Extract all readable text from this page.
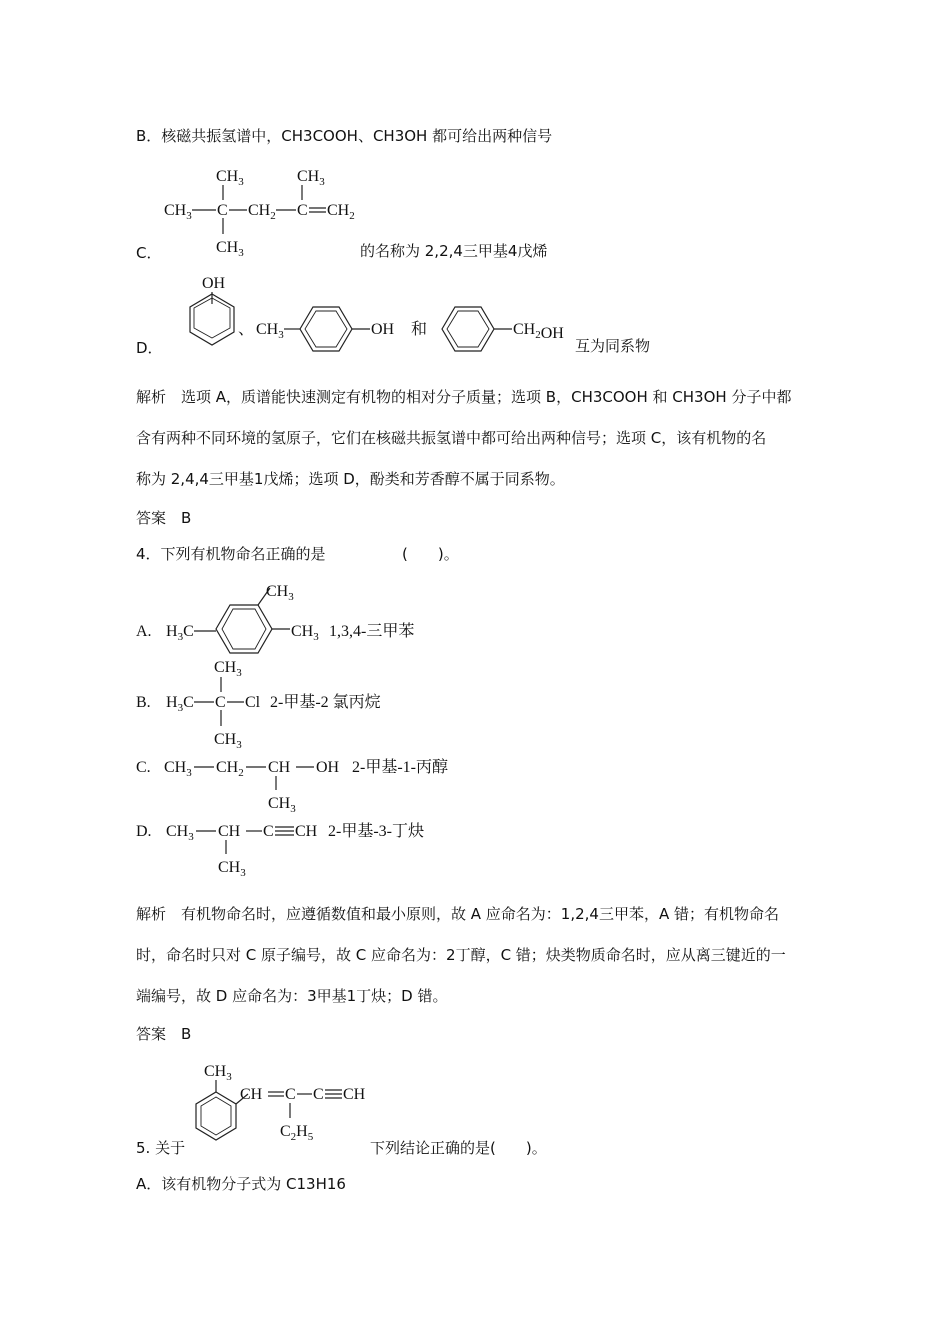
B．核磁共振氢谱中，CH3COOH、CH3OH 都可给出两种信号
$CH_3$
$CH_3$ C $CH_2$ C $CH_2$
$CH_3$
$CH_3$
C．	的名称为 2,2,4三甲基4戊烯
D．
OH
、 $CH_3$	OH 和	$CH_2OH$
互为同系物
解析　选项 A，质谱能快速测定有机物的相对分子质量；选项 B，CH3COOH 和 CH3OH 分子中都
含有两种不同环境的氢原子，它们在核磁共振氢谱中都可给出两种信号；选项 C，该有机物的名
称为 2,4,4三甲基1戊烯；选项 D，酚类和芳香醇不属于同系物。
答案　B
4．下列有机物命名正确的是	(　　)。
A. $H_3C$
$CH_3$
$CH_3$ 1,3,4-三甲苯
$CH_3$
B. $H_3C$ C Cl 2-甲基-2 氯丙烷
$CH_3$
C. $CH_3$ $CH_2$ CH OH 2-甲基-1-丙醇
$CH_3$
D. $CH_3$ CH C CH 2-甲基-3-丁炔
$CH_3$
解析　有机物命名时，应遵循数值和最小原则，故 A 应命名为：1,2,4三甲苯，A 错；有机物命名
时，命名时只对 C 原子编号，故 C 应命名为：2丁醇，C 错；炔类物质命名时，应从离三键近的一
端编号，故 D 应命名为：3甲基1丁炔；D 错。
答案　B
$CH_3$
CH C C CH
$C_2H_5$
5. 关于	下列结论正确的是(　　)。
A．该有机物分子式为 C13H16
